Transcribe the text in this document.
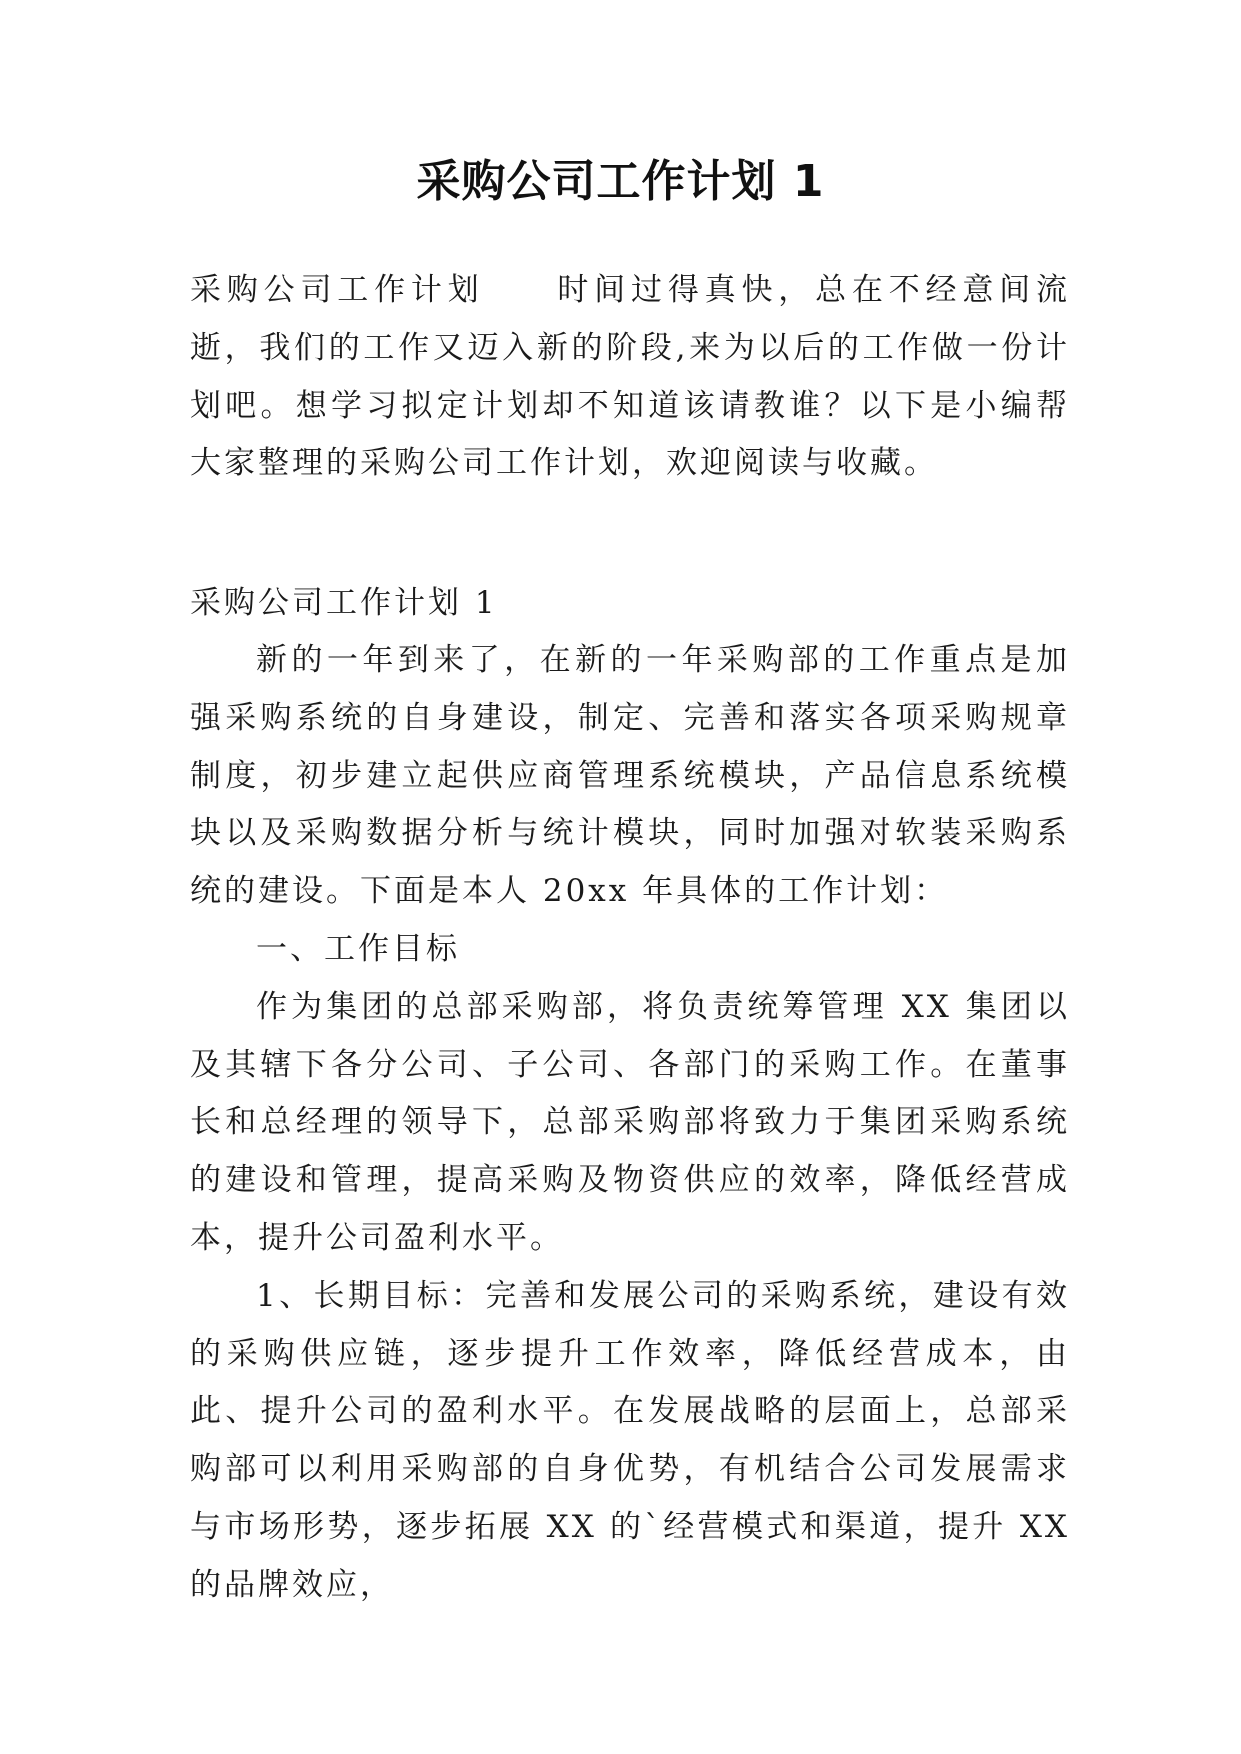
采购公司工作计划 1

采购公司工作计划 时间过得真快，总在不经意间流逝，我们的工作又迈入新的阶段,来为以后的工作做一份计划吧。想学习拟定计划却不知道该请教谁？以下是小编帮大家整理的采购公司工作计划，欢迎阅读与收藏。

采购公司工作计划 1

新的一年到来了，在新的一年采购部的工作重点是加强采购系统的自身建设，制定、完善和落实各项采购规章制度，初步建立起供应商管理系统模块，产品信息系统模块以及采购数据分析与统计模块，同时加强对软装采购系统的建设。下面是本人 20xx 年具体的工作计划：

一、工作目标

作为集团的总部采购部，将负责统筹管理 XX 集团以及其辖下各分公司、子公司、各部门的采购工作。在董事长和总经理的领导下，总部采购部将致力于集团采购系统的建设和管理，提高采购及物资供应的效率，降低经营成本，提升公司盈利水平。

1、长期目标：完善和发展公司的采购系统，建设有效的采购供应链，逐步提升工作效率，降低经营成本，由此、提升公司的盈利水平。在发展战略的层面上，总部采购部可以利用采购部的自身优势，有机结合公司发展需求与市场形势，逐步拓展 XX 的`经营模式和渠道，提升 XX 的品牌效应，
